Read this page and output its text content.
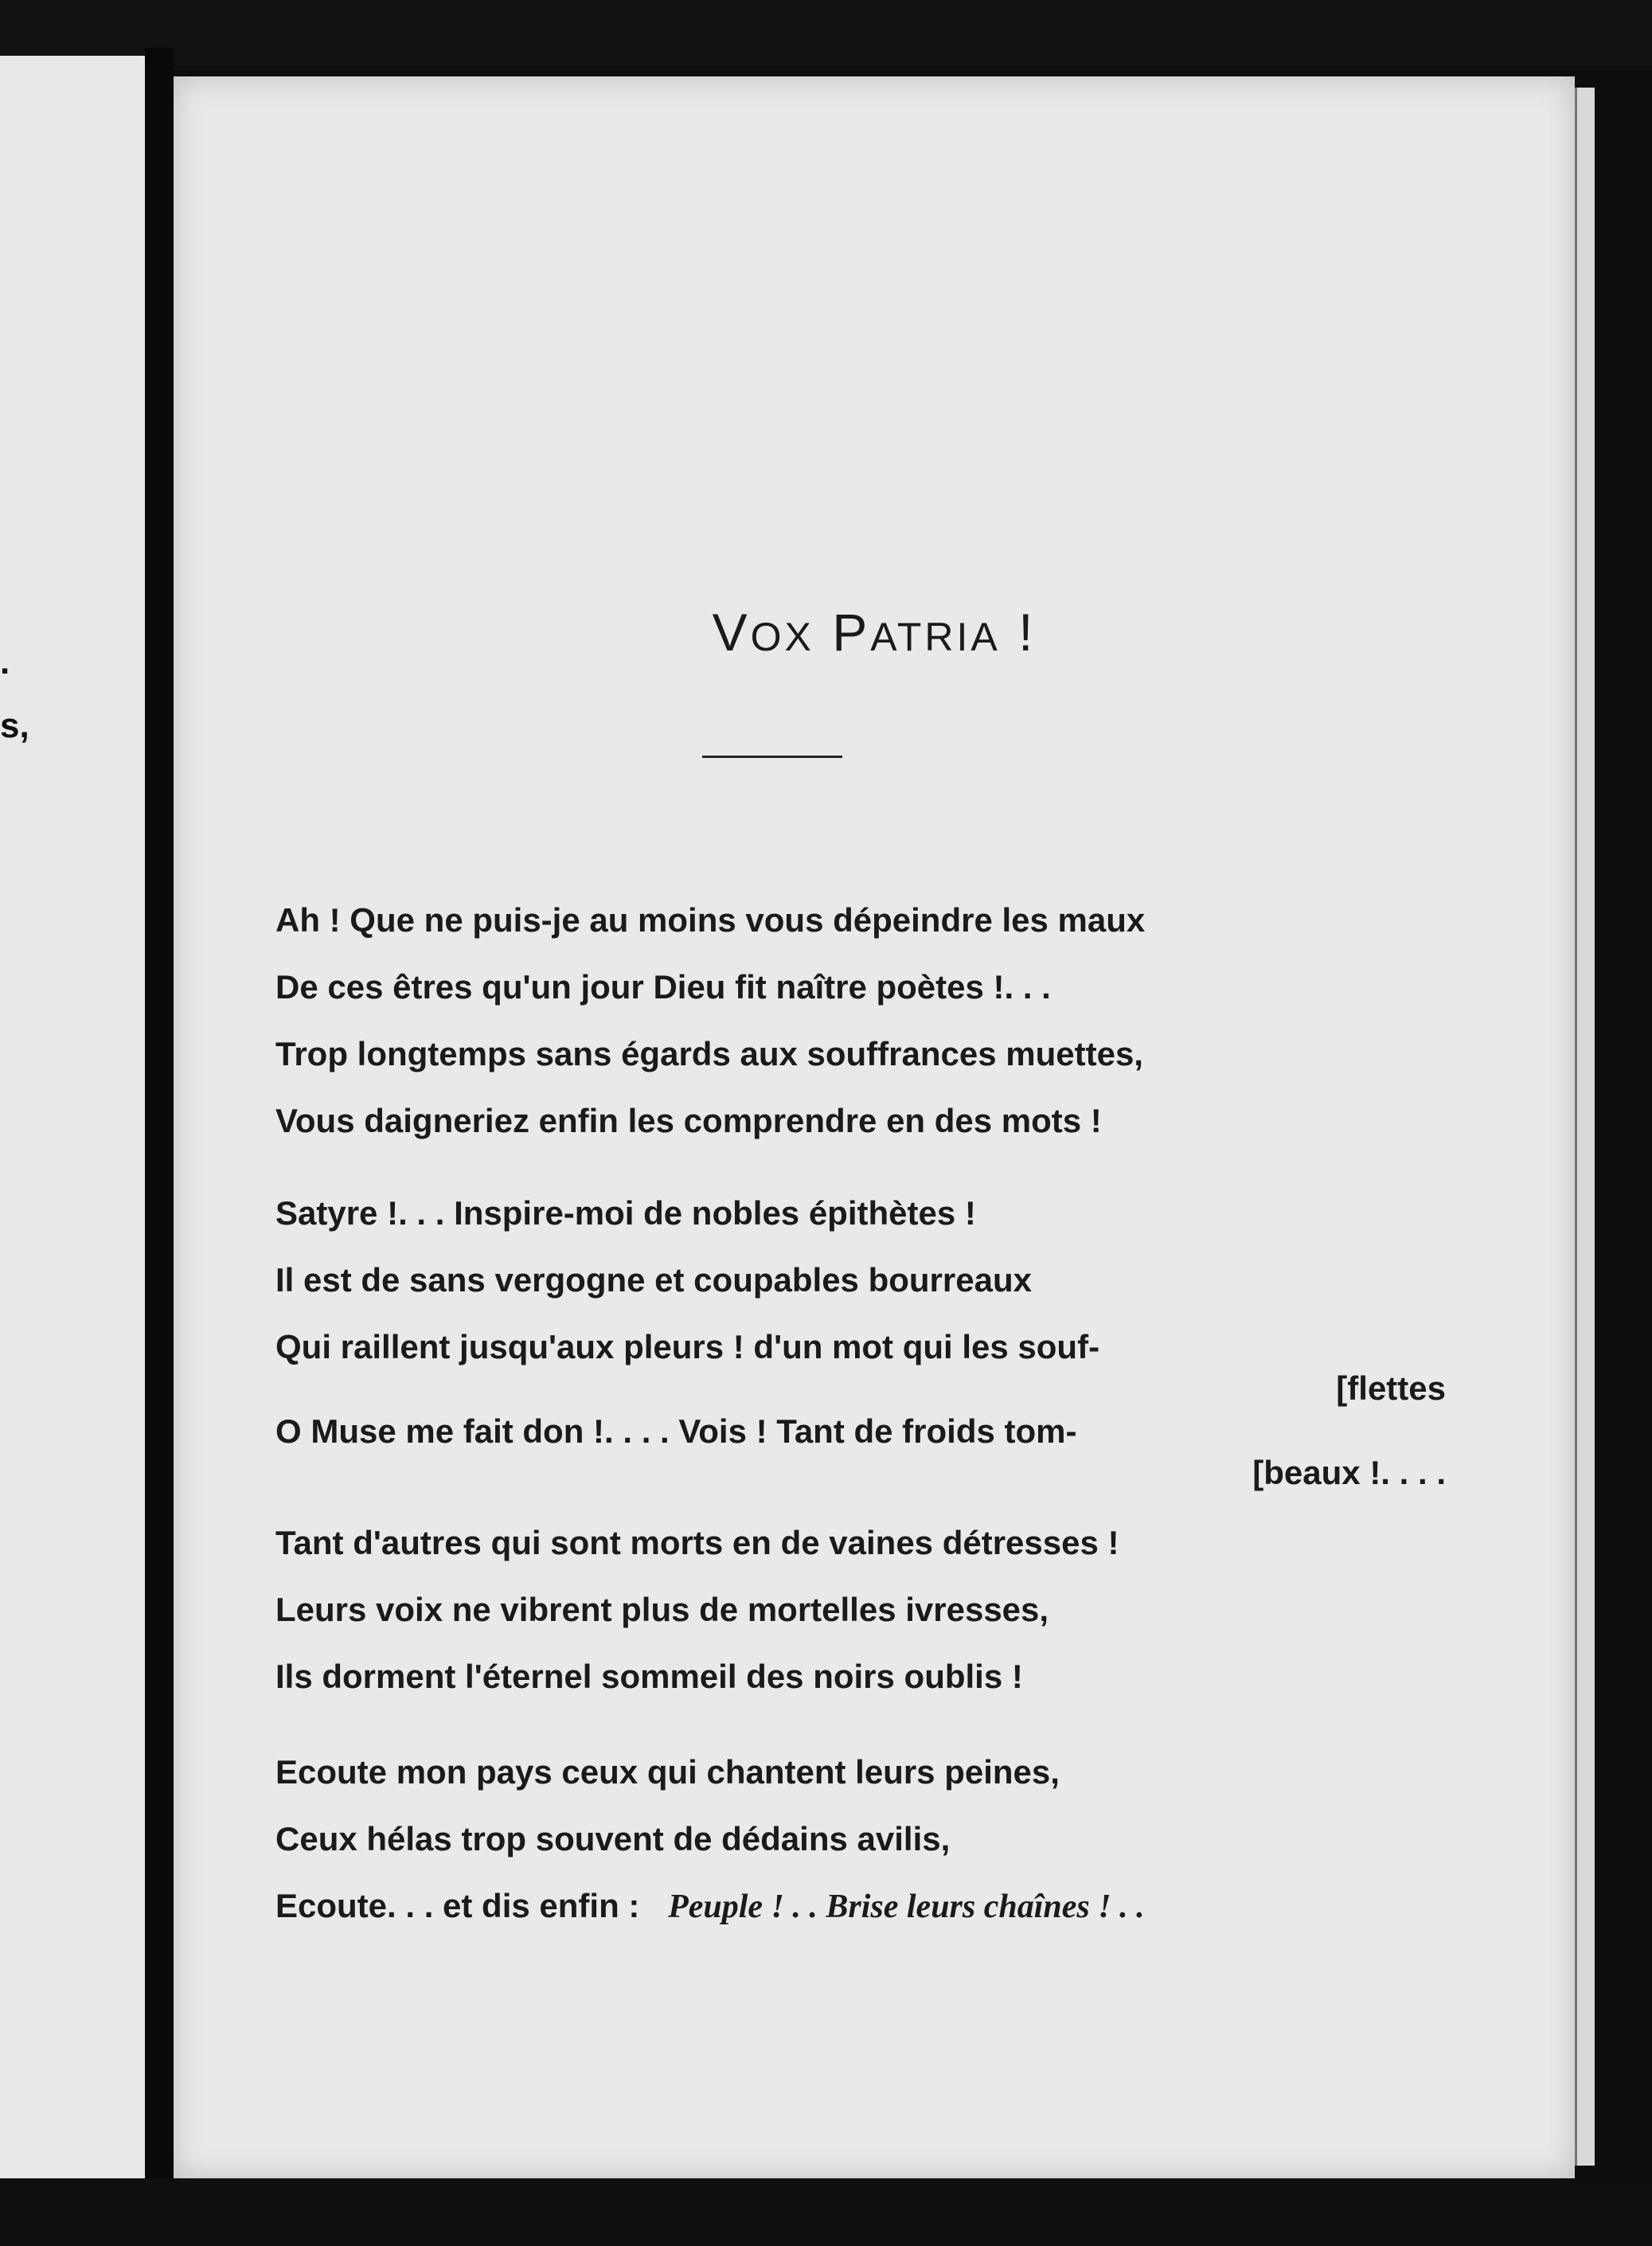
.
s,
VOX PATRIA !
Ah ! Que ne puis-je au moins vous dépeindre les maux
De ces êtres qu'un jour Dieu fit naître poètes !. . .
Trop longtemps sans égards aux souffrances muettes,
Vous daigneriez enfin les comprendre en des mots !
Satyre !. . . Inspire-moi de nobles épithètes !
Il est de sans vergogne et coupables bourreaux
Qui raillent jusqu'aux pleurs ! d'un mot qui les souf-
[flettes
O Muse me fait don !. . . . Vois ! Tant de froids tom-
[beaux !. . . .
Tant d'autres qui sont morts en de vaines détresses !
Leurs voix ne vibrent plus de mortelles ivresses,
Ils dorment l'éternel sommeil des noirs oublis !
Ecoute mon pays ceux qui chantent leurs peines,
Ceux hélas trop souvent de dédains avilis,
Ecoute. . . et dis enfin : Peuple ! . . Brise leurs chaînes ! . .
